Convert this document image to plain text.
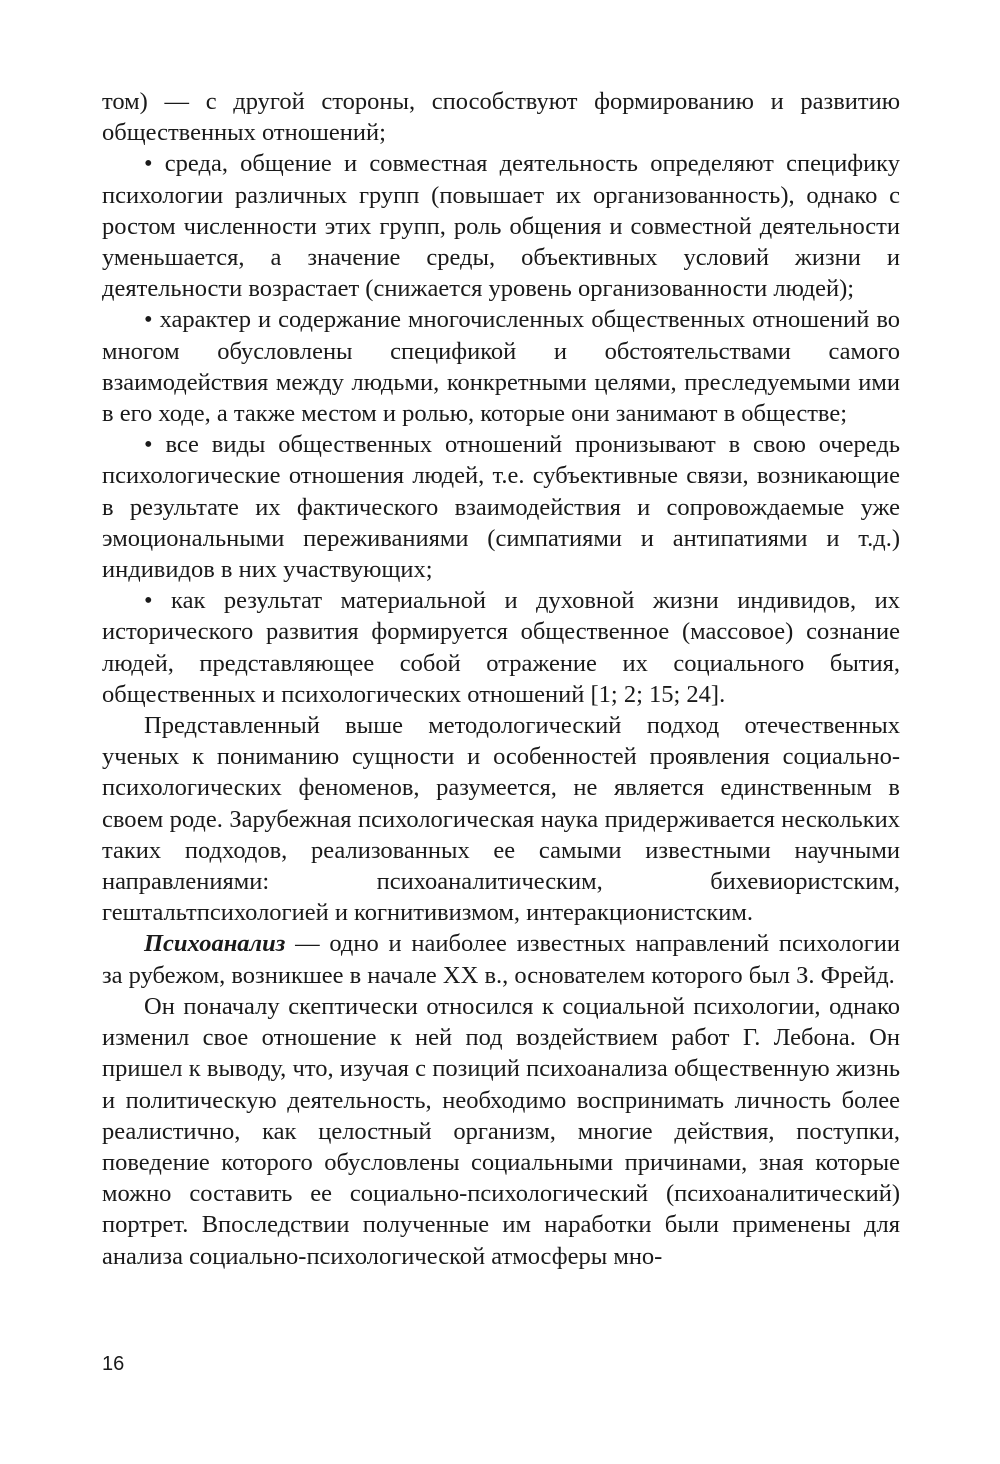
том) — с другой стороны, способствуют формированию и развитию общественных отношений;

• среда, общение и совместная деятельность определяют специфику психологии различных групп (повышает их организованность), однако с ростом численности этих групп, роль общения и совместной деятельности уменьшается, а значение среды, объективных условий жизни и деятельности возрастает (снижается уровень организованности людей);

• характер и содержание многочисленных общественных отношений во многом обусловлены спецификой и обстоятельствами самого взаимодействия между людьми, конкретными целями, преследуемыми ими в его ходе, а также местом и ролью, которые они занимают в обществе;

• все виды общественных отношений пронизывают в свою очередь психологические отношения людей, т.е. субъективные связи, возникающие в результате их фактического взаимодействия и сопровождаемые уже эмоциональными переживаниями (симпатиями и антипатиями и т.д.) индивидов в них участвующих;

• как результат материальной и духовной жизни индивидов, их исторического развития формируется общественное (массовое) сознание людей, представляющее собой отражение их социального бытия, общественных и психологических отношений [1; 2; 15; 24].

Представленный выше методологический подход отечественных ученых к пониманию сущности и особенностей проявления социально-психологических феноменов, разумеется, не является единственным в своем роде. Зарубежная психологическая наука придерживается нескольких таких подходов, реализованных ее самыми известными научными направлениями: психоаналитическим, бихевиористским, гештальтпсихологией и когнитивизмом, интеракционистским.

Психоанализ — одно и наиболее известных направлений психологии за рубежом, возникшее в начале XX в., основателем которого был З. Фрейд.

Он поначалу скептически относился к социальной психологии, однако изменил свое отношение к ней под воздействием работ Г. Лебона. Он пришел к выводу, что, изучая с позиций психоанализа общественную жизнь и политическую деятельность, необходимо воспринимать личность более реалистично, как целостный организм, многие действия, поступки, поведение которого обусловлены социальными причинами, зная которые можно составить ее социально-психологический (психоаналитический) портрет. Впоследствии полученные им наработки были применены для анализа социально-психологической атмосферы мно-

16
